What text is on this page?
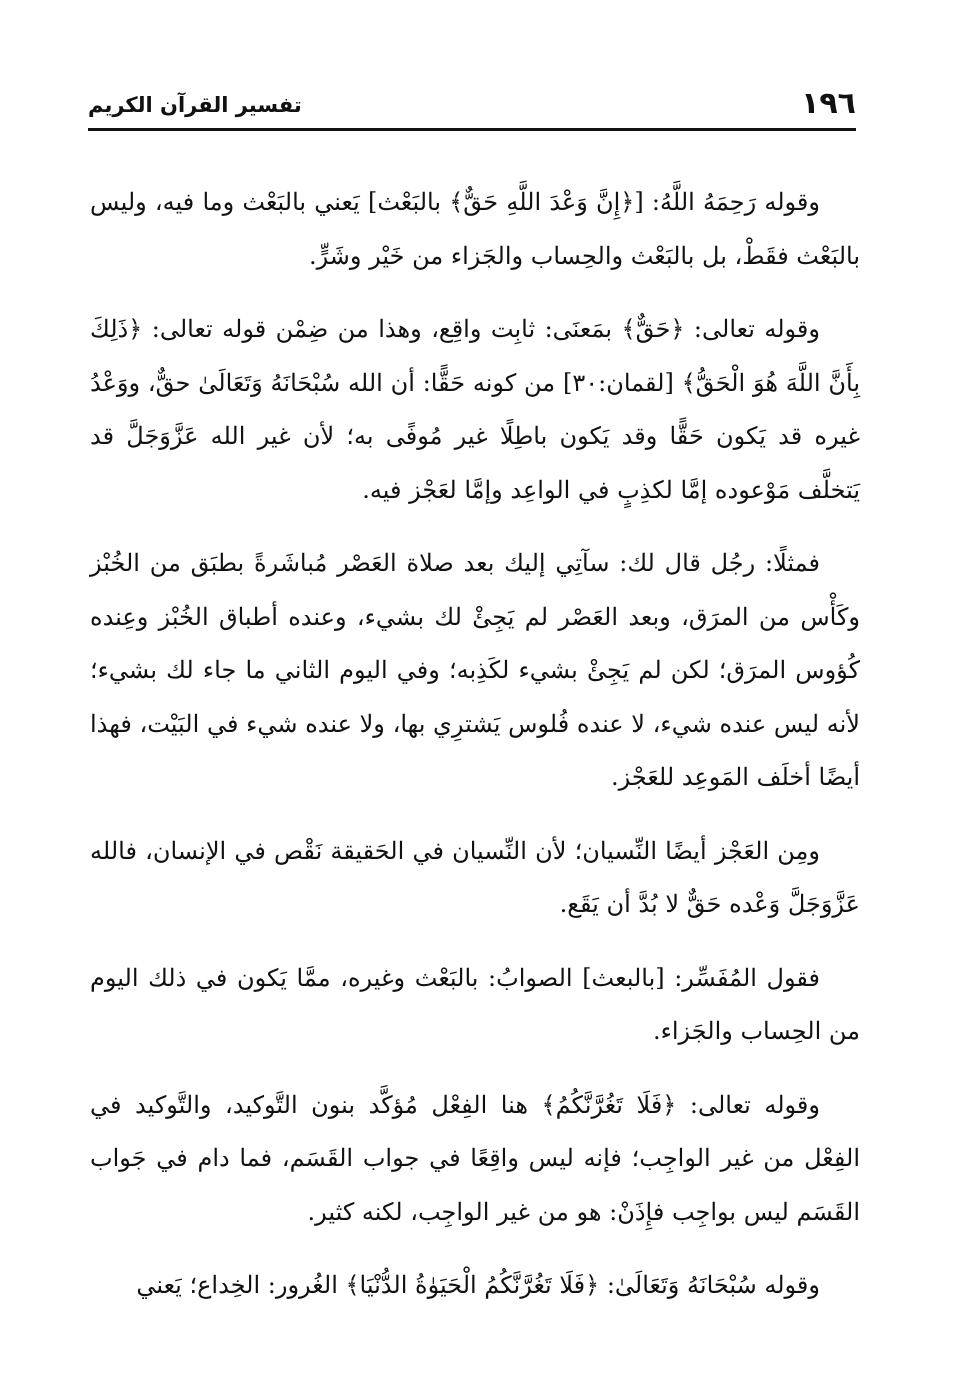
١٩٦
تفسير القرآن الكريم

وقوله رَحِمَهُ اللَّهُ: [﴿إِنَّ وَعْدَ اللَّهِ حَقٌّ﴾ بالبَعْث] يَعني بالبَعْث وما فيه، وليس بالبَعْث فقَطْ، بل بالبَعْث والحِساب والجَزاء من خَيْر وشَرٍّ.

وقوله تعالى: ﴿حَقٌّ﴾ بمَعنَى: ثابِت واقِع، وهذا من ضِمْن قوله تعالى: ﴿ذَلِكَ بِأَنَّ اللَّهَ هُوَ الْحَقُّ﴾ [لقمان:٣٠] من كونه حَقًّا: أن الله سُبْحَانَهُ وَتَعَالَىٰ حقٌّ، ووَعْدُ غيره قد يَكون حَقًّا وقد يَكون باطِلًا غير مُوفًى به؛ لأن غير الله عَزَّوَجَلَّ قد يَتخلَّف مَوْعوده إمَّا لكذِبٍ في الواعِد وإمَّا لعَجْز فيه.

فمثلًا: رجُل قال لك: سآتِي إليك بعد صلاة العَصْر مُباشَرةً بطبَق من الخُبْز وكَأْس من المرَق، وبعد العَصْر لم يَجِئْ لك بشيء، وعنده أطباق الخُبْز وعِنده كُؤوس المرَق؛ لكن لم يَجِئْ بشيء لكَذِبه؛ وفي اليوم الثاني ما جاء لك بشيء؛ لأنه ليس عنده شيء، لا عنده فُلوس يَشترِي بها، ولا عنده شيء في البَيْت، فهذا أيضًا أخلَف المَوعِد للعَجْز.

ومِن العَجْز أيضًا النِّسيان؛ لأن النِّسيان في الحَقيقة نَقْص في الإنسان، فالله عَزَّوَجَلَّ وَعْده حَقٌّ لا بُدَّ أن يَقَع.

فقول المُفَسِّر: [بالبعث] الصوابُ: بالبَعْث وغيره، ممَّا يَكون في ذلك اليوم من الحِساب والجَزاء.

وقوله تعالى: ﴿فَلَا تَغُرَّنَّكُمُ﴾ هنا الفِعْل مُؤكَّد بنون التَّوكيد، والتَّوكيد في الفِعْل من غير الواجِب؛ فإنه ليس واقِعًا في جواب القَسَم، فما دام في جَواب القَسَم ليس بواجِب فإِذَنْ: هو من غير الواجِب، لكنه كثير.

وقوله سُبْحَانَهُ وَتَعَالَىٰ: ﴿فَلَا تَغُرَّنَّكُمُ الْحَيَوٰةُ الدُّنْيَا﴾ الغُرور: الخِداع؛ يَعني
